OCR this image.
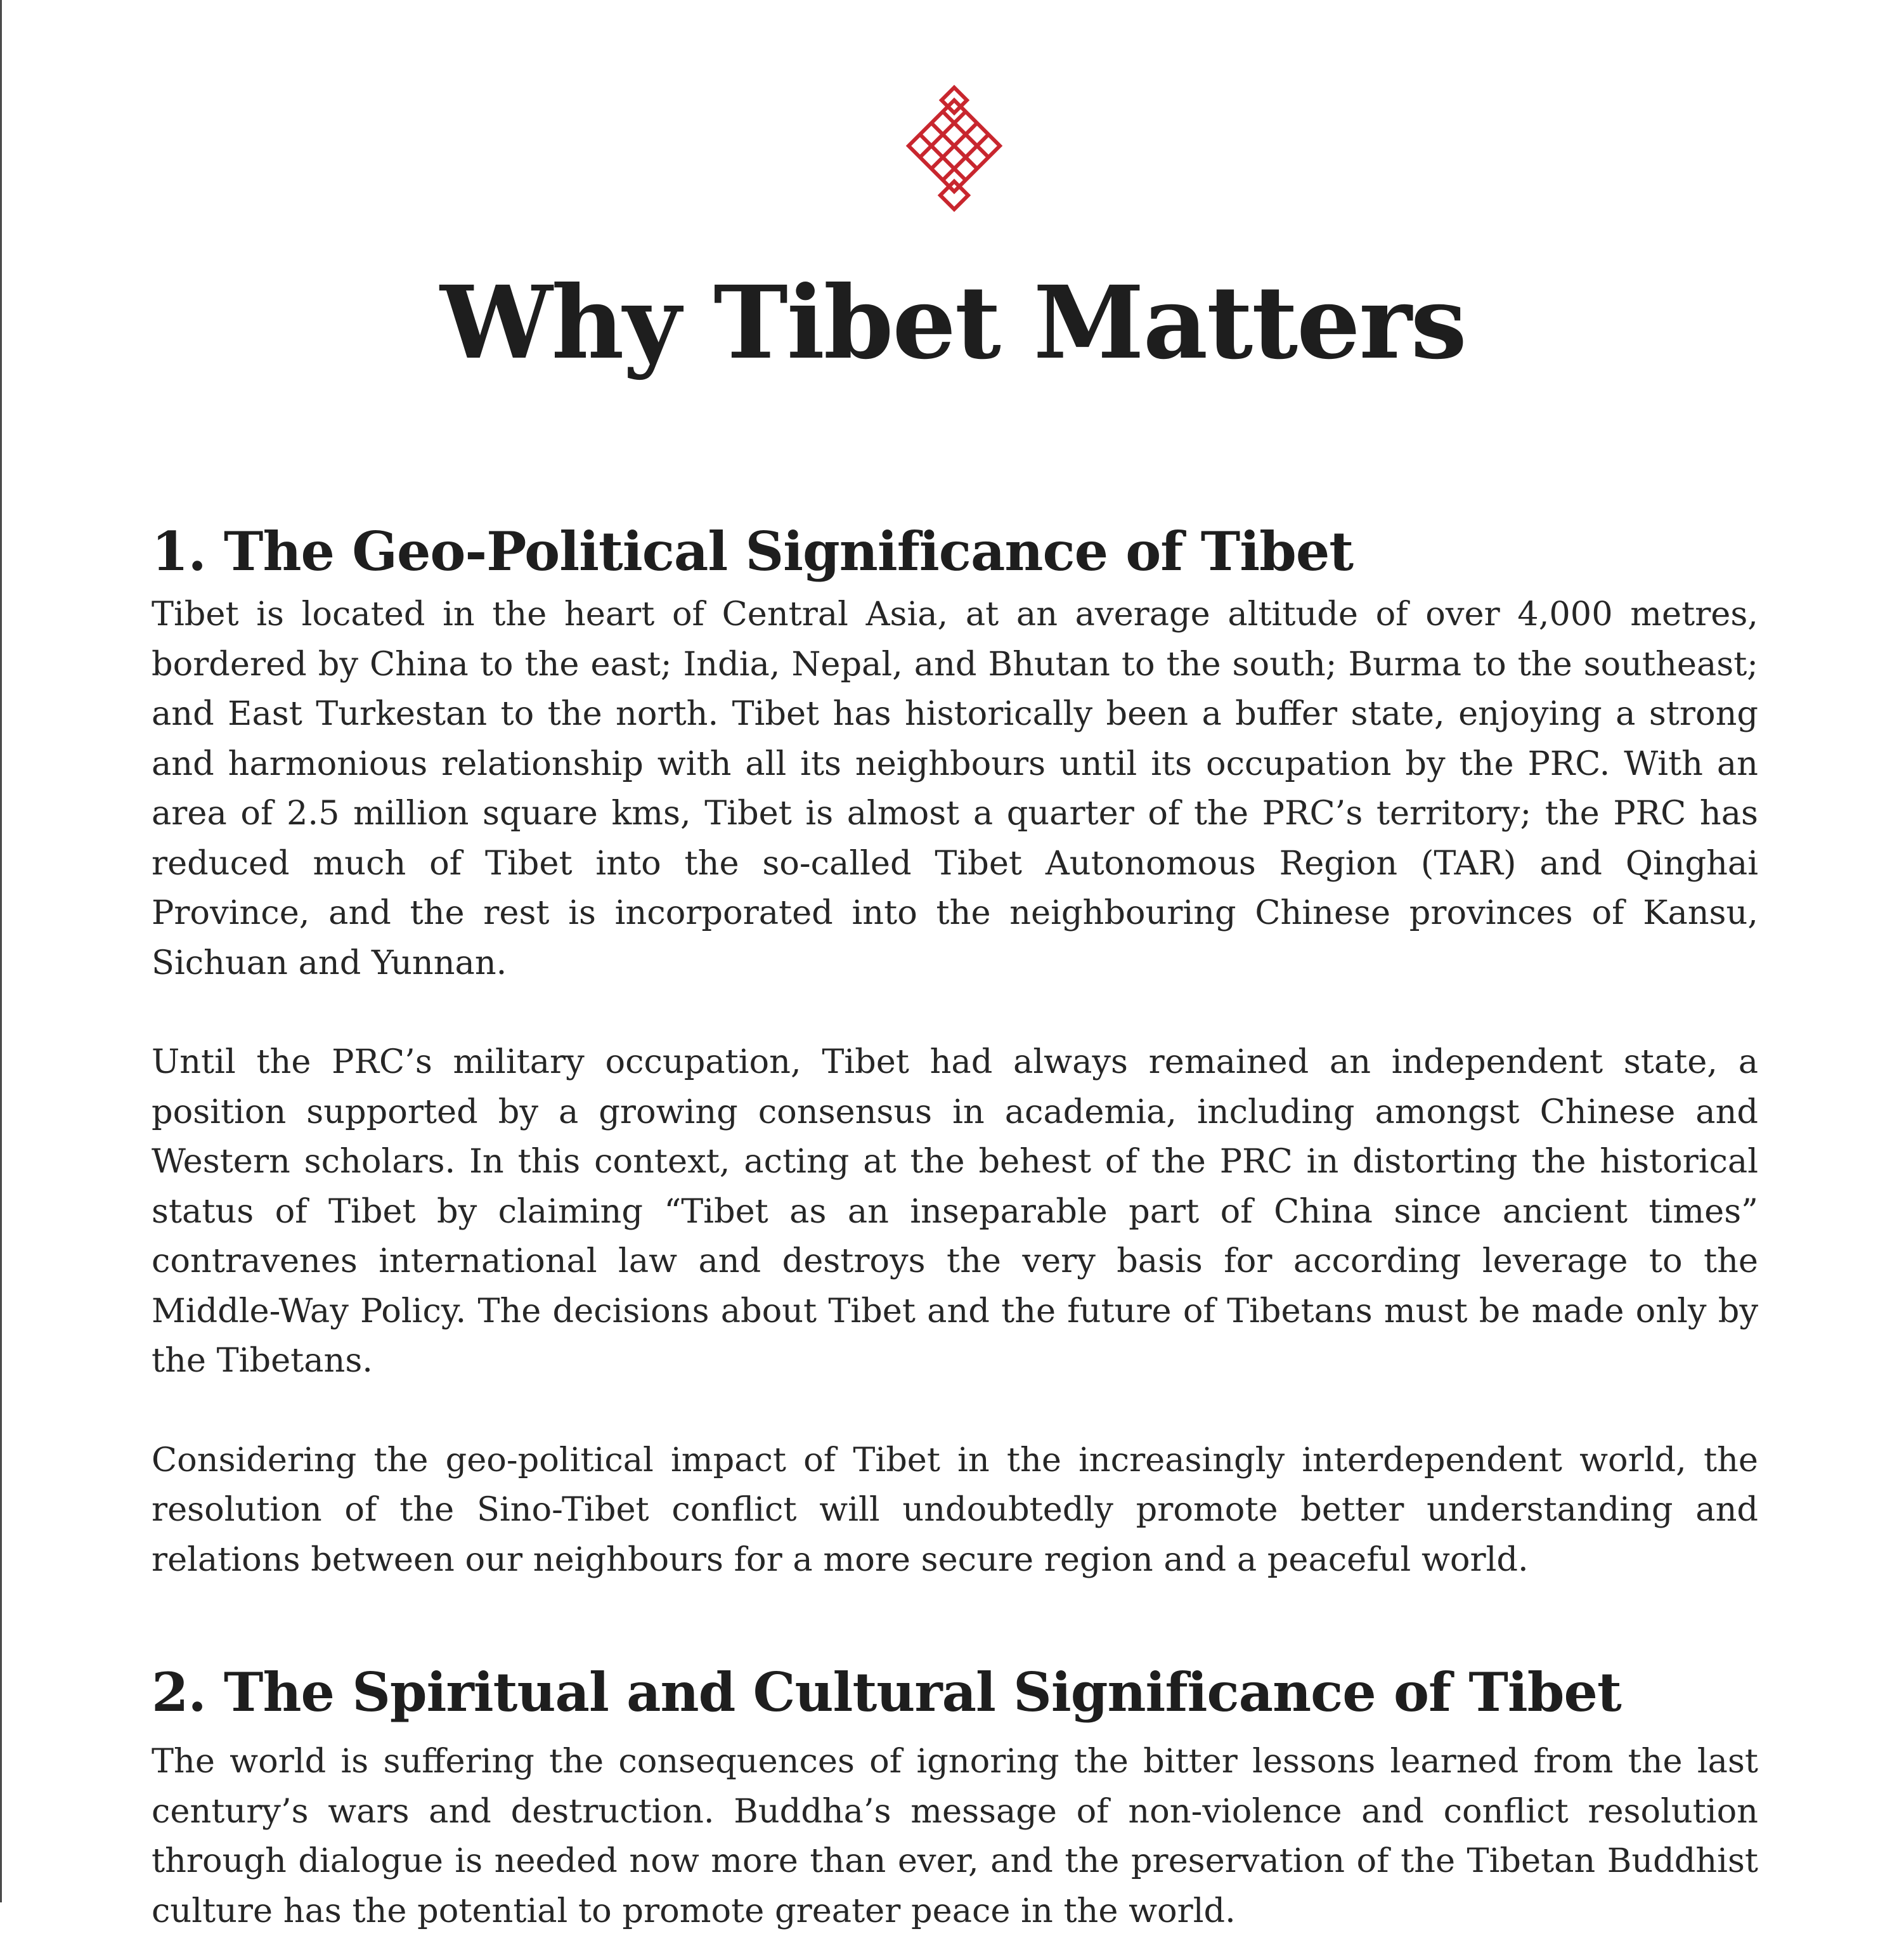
Why Tibet Matters
1. The Geo-Political Significance of Tibet

Tibet is located in the heart of Central Asia, at an average altitude of over 4,000 metres, bordered by China to the east; India, Nepal, and Bhutan to the south; Burma to the southeast; and East Turkestan to the north. Tibet has historically been a buffer state, enjoying a strong and harmonious relationship with all its neighbours until its occupation by the PRC. With an area of 2.5 million square kms, Tibet is almost a quarter of the PRC’s territory; the PRC has reduced much of Tibet into the so-called Tibet Autonomous Region (TAR) and Qinghai Province, and the rest is incorporated into the neighbouring Chinese provinces of Kansu, Sichuan and Yunnan.

Until the PRC’s military occupation, Tibet had always remained an independent state, a position supported by a growing consensus in academia, including amongst Chinese and Western scholars. In this context, acting at the behest of the PRC in distorting the historical status of Tibet by claiming “Tibet as an inseparable part of China since ancient times” contravenes international law and destroys the very basis for according leverage to the Middle-Way Policy. The decisions about Tibet and the future of Tibetans must be made only by the Tibetans.

Considering the geo-political impact of Tibet in the increasingly interdependent world, the resolution of the Sino-Tibet conflict will undoubtedly promote better understanding and relations between our neighbours for a more secure region and a peaceful world.

2. The Spiritual and Cultural Significance of Tibet

The world is suffering the consequences of ignoring the bitter lessons learned from the last century’s wars and destruction. Buddha’s message of non-violence and conflict resolution through dialogue is needed now more than ever, and the preservation of the Tibetan Buddhist culture has the potential to promote greater peace in the world.
